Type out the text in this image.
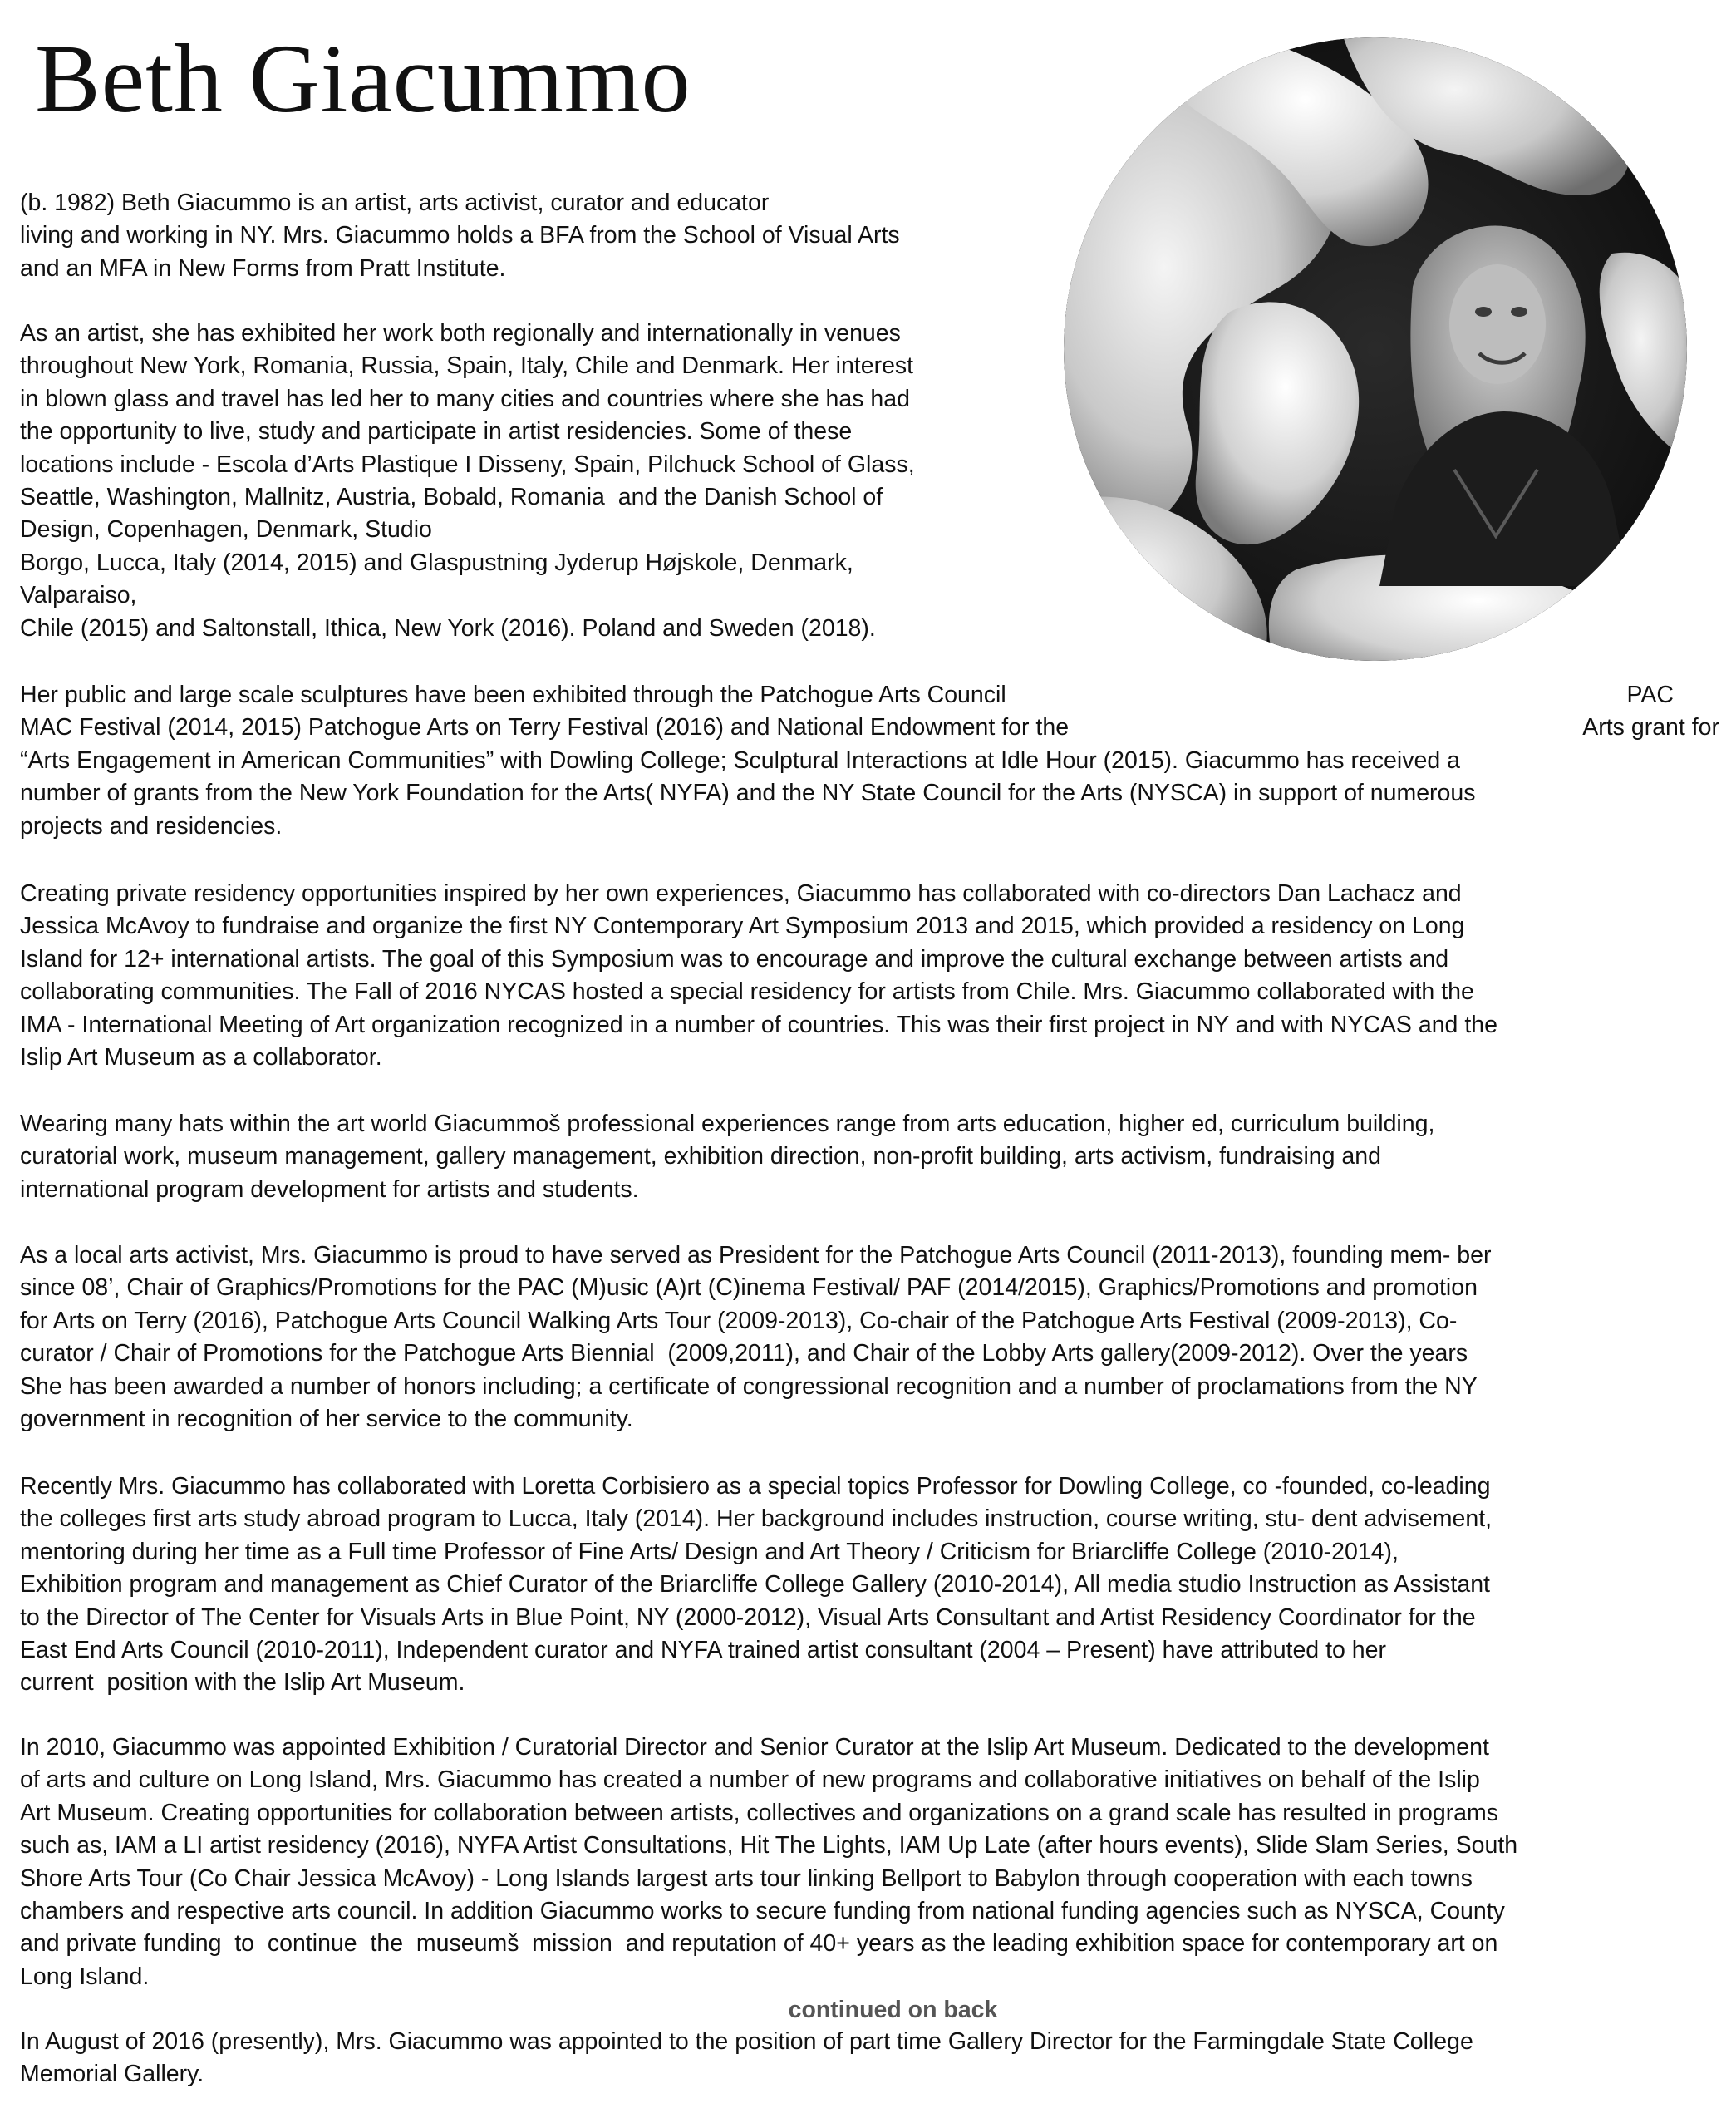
Beth Giacummo
(b. 1982) Beth Giacummo is an artist, arts activist, curator and educator
living and working in NY. Mrs. Giacummo holds a BFA from the School of Visual Arts
and an MFA in New Forms from Pratt Institute.
As an artist, she has exhibited her work both regionally and internationally in venues
throughout New York, Romania, Russia, Spain, Italy, Chile and Denmark. Her interest
in blown glass and travel has led her to many cities and countries where she has had
the opportunity to live, study and participate in artist residencies. Some of these
locations include - Escola d’Arts Plastique I Disseny, Spain, Pilchuck School of Glass,
Seattle, Washington, Mallnitz, Austria, Bobald, Romania  and the Danish School of
Design, Copenhagen, Denmark, Studio
Borgo, Lucca, Italy (2014, 2015) and Glaspustning Jyderup Højskole, Denmark,
Valparaiso,
Chile (2015) and Saltonstall, Ithica, New York (2016). Poland and Sweden (2018).
Her public and large scale sculptures have been exhibited through the Patchogue Arts Council	PAC
MAC Festival (2014, 2015) Patchogue Arts on Terry Festival (2016) and National Endowment for the	Arts grant for
“Arts Engagement in American Communities” with Dowling College; Sculptural Interactions at Idle Hour (2015). Giacummo has received a
number of grants from the New York Foundation for the Arts( NYFA) and the NY State Council for the Arts (NYSCA) in support of numerous
projects and residencies.
Creating private residency opportunities inspired by her own experiences, Giacummo has collaborated with co-directors Dan Lachacz and
Jessica McAvoy to fundraise and organize the first NY Contemporary Art Symposium 2013 and 2015, which provided a residency on Long
Island for 12+ international artists. The goal of this Symposium was to encourage and improve the cultural exchange between artists and
collaborating communities. The Fall of 2016 NYCAS hosted a special residency for artists from Chile. Mrs. Giacummo collaborated with the
IMA - International Meeting of Art organization recognized in a number of countries. This was their first project in NY and with NYCAS and the
Islip Art Museum as a collaborator.
Wearing many hats within the art world Giacummoš professional experiences range from arts education, higher ed, curriculum building,
curatorial work, museum management, gallery management, exhibition direction, non-profit building, arts activism, fundraising and
international program development for artists and students.
As a local arts activist, Mrs. Giacummo is proud to have served as President for the Patchogue Arts Council (2011-2013), founding mem- ber
since 08’, Chair of Graphics/Promotions for the PAC (M)usic (A)rt (C)inema Festival/ PAF (2014/2015), Graphics/Promotions and promotion
for Arts on Terry (2016), Patchogue Arts Council Walking Arts Tour (2009-2013), Co-chair of the Patchogue Arts Festival (2009-2013), Co-
curator / Chair of Promotions for the Patchogue Arts Biennial  (2009,2011), and Chair of the Lobby Arts gallery(2009-2012). Over the years
She has been awarded a number of honors including; a certificate of congressional recognition and a number of proclamations from the NY
government in recognition of her service to the community.
Recently Mrs. Giacummo has collaborated with Loretta Corbisiero as a special topics Professor for Dowling College, co -founded, co-leading
the colleges first arts study abroad program to Lucca, Italy (2014). Her background includes instruction, course writing, stu- dent advisement,
mentoring during her time as a Full time Professor of Fine Arts/ Design and Art Theory / Criticism for Briarcliffe College (2010-2014),
Exhibition program and management as Chief Curator of the Briarcliffe College Gallery (2010-2014), All media studio Instruction as Assistant
to the Director of The Center for Visuals Arts in Blue Point, NY (2000-2012), Visual Arts Consultant and Artist Residency Coordinator for the
East End Arts Council (2010-2011), Independent curator and NYFA trained artist consultant (2004 – Present) have attributed to her
current  position with the Islip Art Museum.
In 2010, Giacummo was appointed Exhibition / Curatorial Director and Senior Curator at the Islip Art Museum. Dedicated to the development
of arts and culture on Long Island, Mrs. Giacummo has created a number of new programs and collaborative initiatives on behalf of the Islip
Art Museum. Creating opportunities for collaboration between artists, collectives and organizations on a grand scale has resulted in programs
such as, IAM a LI artist residency (2016), NYFA Artist Consultations, Hit The Lights, IAM Up Late (after hours events), Slide Slam Series, South
Shore Arts Tour (Co Chair Jessica McAvoy) - Long Islands largest arts tour linking Bellport to Babylon through cooperation with each towns
chambers and respective arts council. In addition Giacummo works to secure funding from national funding agencies such as NYSCA, County
and private funding  to  continue  the  museumš  mission  and reputation of 40+ years as the leading exhibition space for contemporary art on
Long Island.
continued on back
In August of 2016 (presently), Mrs. Giacummo was appointed to the position of part time Gallery Director for the Farmingdale State College
Memorial Gallery.
